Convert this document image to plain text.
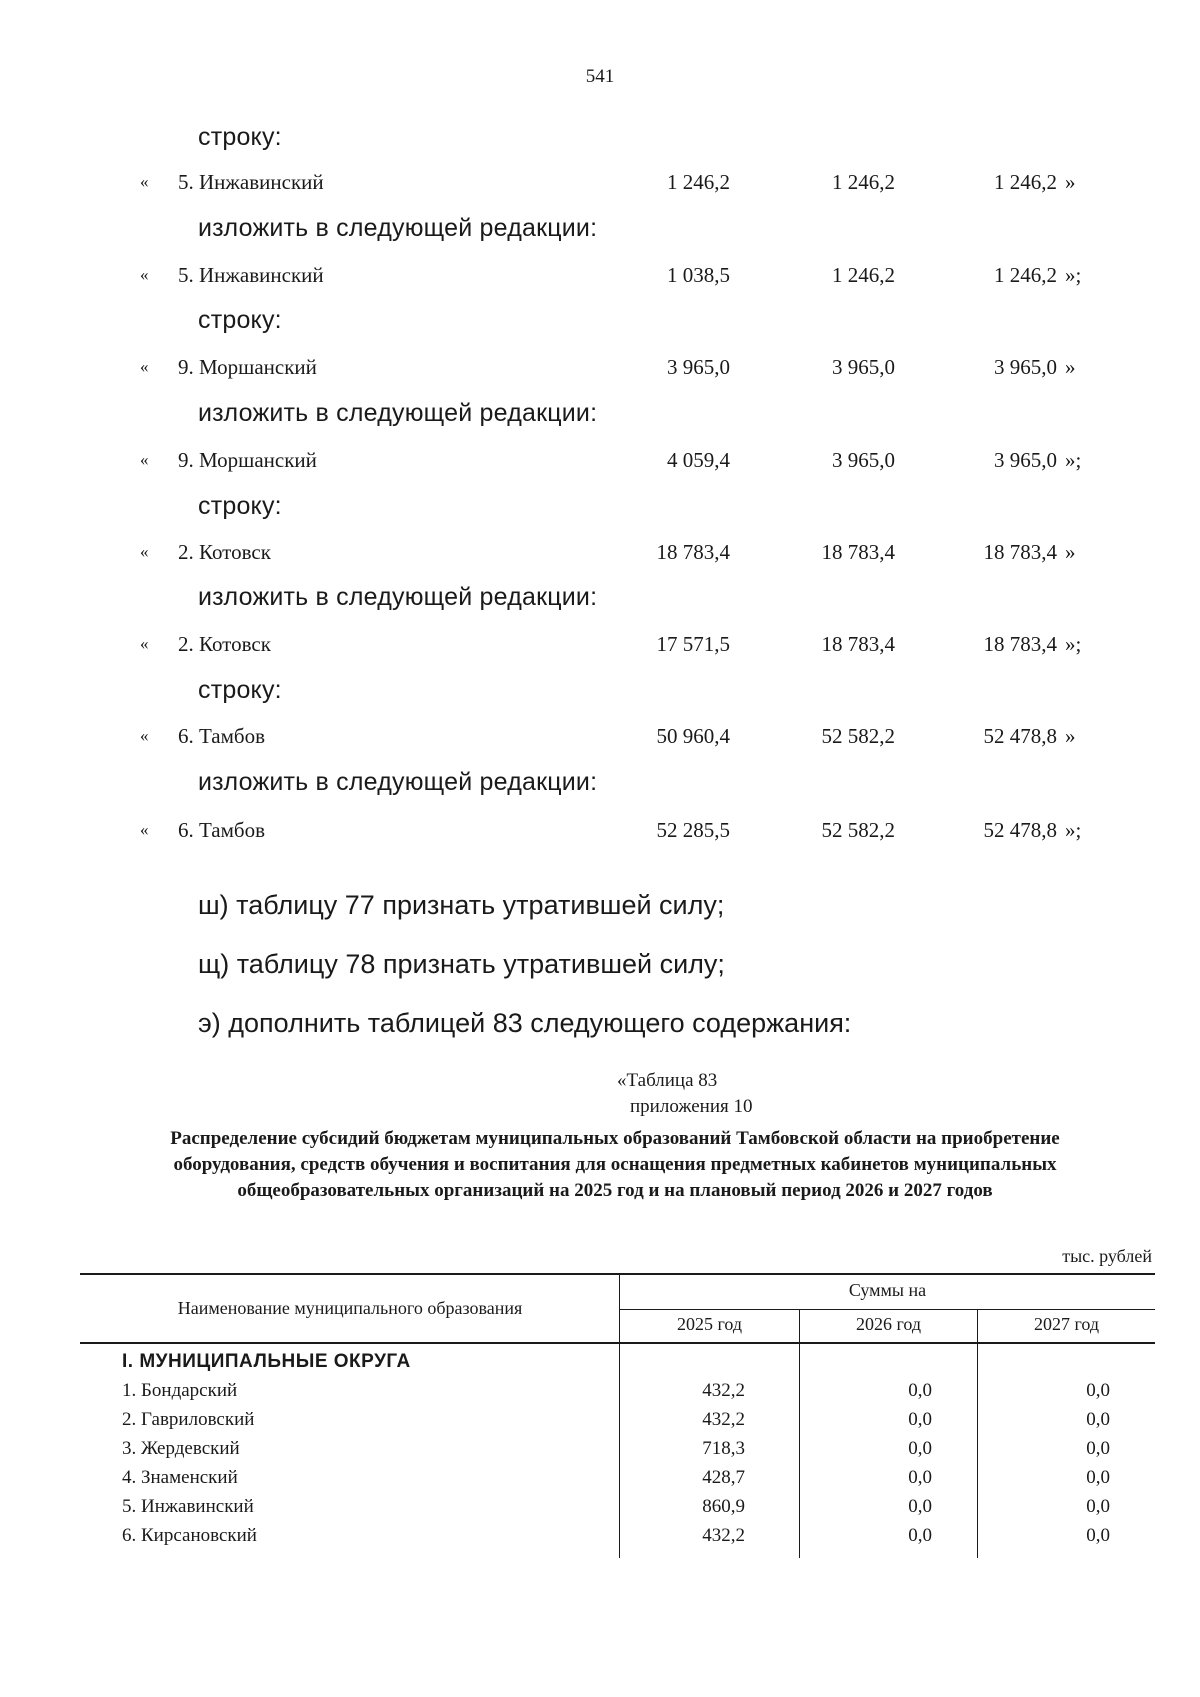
541
строку:
« 5. Инжавинский	1 246,2	1 246,2	1 246,2 »
изложить в следующей редакции:
« 5. Инжавинский	1 038,5	1 246,2	1 246,2 »;
строку:
« 9. Моршанский	3 965,0	3 965,0	3 965,0 »
изложить в следующей редакции:
« 9. Моршанский	4 059,4	3 965,0	3 965,0 »;
строку:
« 2. Котовск	18 783,4	18 783,4	18 783,4 »
изложить в следующей редакции:
« 2. Котовск	17 571,5	18 783,4	18 783,4 »;
строку:
« 6. Тамбов	50 960,4	52 582,2	52 478,8 »
изложить в следующей редакции:
« 6. Тамбов	52 285,5	52 582,2	52 478,8 »;
ш) таблицу 77 признать утратившей силу;
щ) таблицу 78 признать утратившей силу;
«Таблица 83
приложения 10
Распределение субсидий бюджетам муниципальных образований Тамбовской области на приобретение оборудования, средств обучения и воспитания для оснащения предметных кабинетов муниципальных общеобразовательных организаций на 2025 год и на плановый период 2026 и 2027 годов
тыс. рублей
Наименование муниципального образования
Суммы на
2025 год	2026 год	2027 год
I. МУНИЦИПАЛЬНЫЕ ОКРУГА
1. Бондарский	432,2	0,0	0,0
2. Гавриловский	432,2	0,0	0,0
3. Жердевский	718,3	0,0	0,0
4. Знаменский	428,7	0,0	0,0
5. Инжавинский	860,9	0,0	0,0
6. Кирсановский	432,2	0,0	0,0
э) дополнить таблицей 83 следующего содержания:
